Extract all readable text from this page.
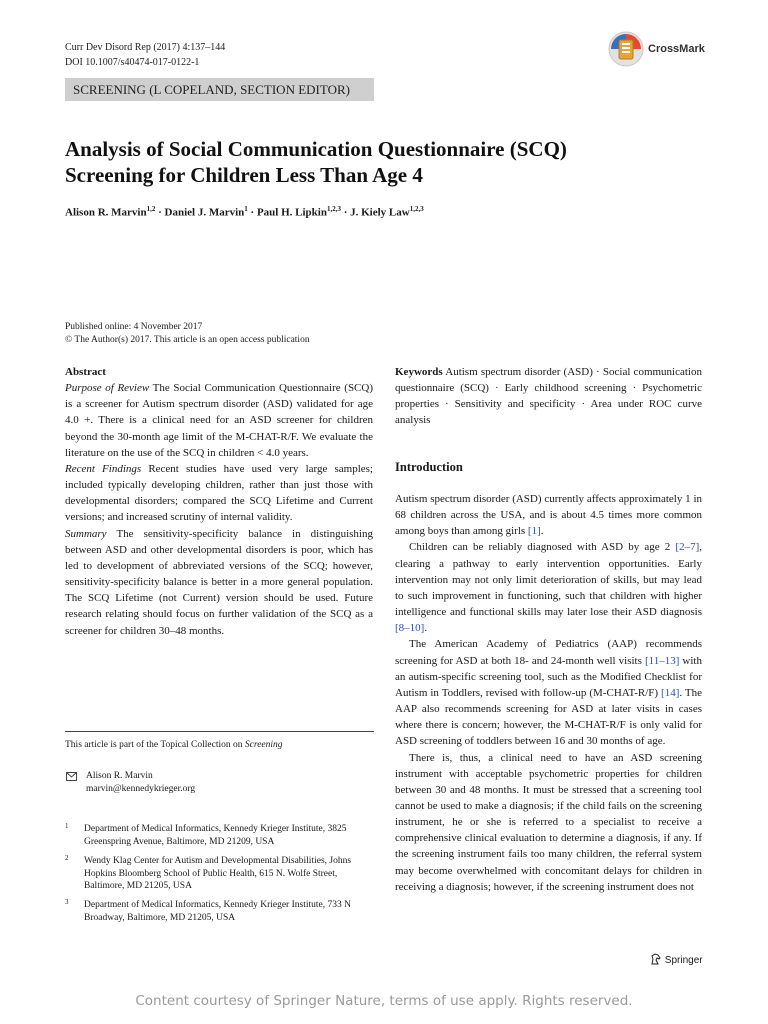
Curr Dev Disord Rep (2017) 4:137–144
DOI 10.1007/s40474-017-0122-1
CrossMark
SCREENING (L COPELAND, SECTION EDITOR)
Analysis of Social Communication Questionnaire (SCQ)
Screening for Children Less Than Age 4
Alison R. Marvin$^{1,2}$ · Daniel J. Marvin$^1$ · Paul H. Lipkin$^{1,2,3}$ · J. Kiely Law$^{1,2,3}$
Published online: 4 November 2017
© The Author(s) 2017. This article is an open access publication
Abstract

Purpose of Review The Social Communication Questionnaire (SCQ) is a screener for Autism spectrum disorder (ASD) validated for age 4.0 +. There is a clinical need for an ASD screener for children beyond the 30-month age limit of the M-CHAT-R/F. We evaluate the literature on the use of the SCQ in children < 4.0 years.

Recent Findings Recent studies have used very large samples; included typically developing children, rather than just those with developmental disorders; compared the SCQ Lifetime and Current versions; and increased scrutiny of internal validity.

Summary The sensitivity-specificity balance in distinguishing between ASD and other developmental disorders is poor, which has led to development of abbreviated versions of the SCQ; however, sensitivity-specificity balance is better in a more general population. The SCQ Lifetime (not Current) version should be used. Future research relating should focus on further validation of the SCQ as a screener for children 30–48 months.

This article is part of the Topical Collection on Screening
Alison R. Marvin
marvin@kennedykrieger.org
1 Department of Medical Informatics, Kennedy Krieger Institute, 3825 Greenspring Avenue, Baltimore, MD 21209, USA
2 Wendy Klag Center for Autism and Developmental Disabilities, Johns Hopkins Bloomberg School of Public Health, 615 N. Wolfe Street, Baltimore, MD 21205, USA
3 Department of Medical Informatics, Kennedy Krieger Institute, 733 N Broadway, Baltimore, MD 21205, USA
Keywords Autism spectrum disorder (ASD) · Social communication questionnaire (SCQ) · Early childhood screening · Psychometric properties · Sensitivity and specificity · Area under ROC curve analysis
Introduction

Autism spectrum disorder (ASD) currently affects approximately 1 in 68 children across the USA, and is about 4.5 times more common among boys than among girls [1].

Children can be reliably diagnosed with ASD by age 2 [2–7], clearing a pathway to early intervention opportunities. Early intervention may not only limit deterioration of skills, but may lead to such improvement in functioning, such that children with higher intelligence and functional skills may later lose their ASD diagnosis [8–10].

The American Academy of Pediatrics (AAP) recommends screening for ASD at both 18- and 24-month well visits [11–13] with an autism-specific screening tool, such as the Modified Checklist for Autism in Toddlers, revised with follow-up (M-CHAT-R/F) [14]. The AAP also recommends screening for ASD at later visits in cases where there is concern; however, the M-CHAT-R/F is only valid for ASD screening of toddlers between 16 and 30 months of age.

There is, thus, a clinical need to have an ASD screening instrument with acceptable psychometric properties for children between 30 and 48 months. It must be stressed that a screening tool cannot be used to make a diagnosis; if the child fails on the screening instrument, he or she is referred to a specialist to receive a comprehensive clinical evaluation to determine a diagnosis, if any. If the screening instrument fails too many children, the referral system may become overwhelmed with concomitant delays for children in receiving a diagnosis; however, if the screening instrument does not

Springer
Content courtesy of Springer Nature, terms of use apply. Rights reserved.
